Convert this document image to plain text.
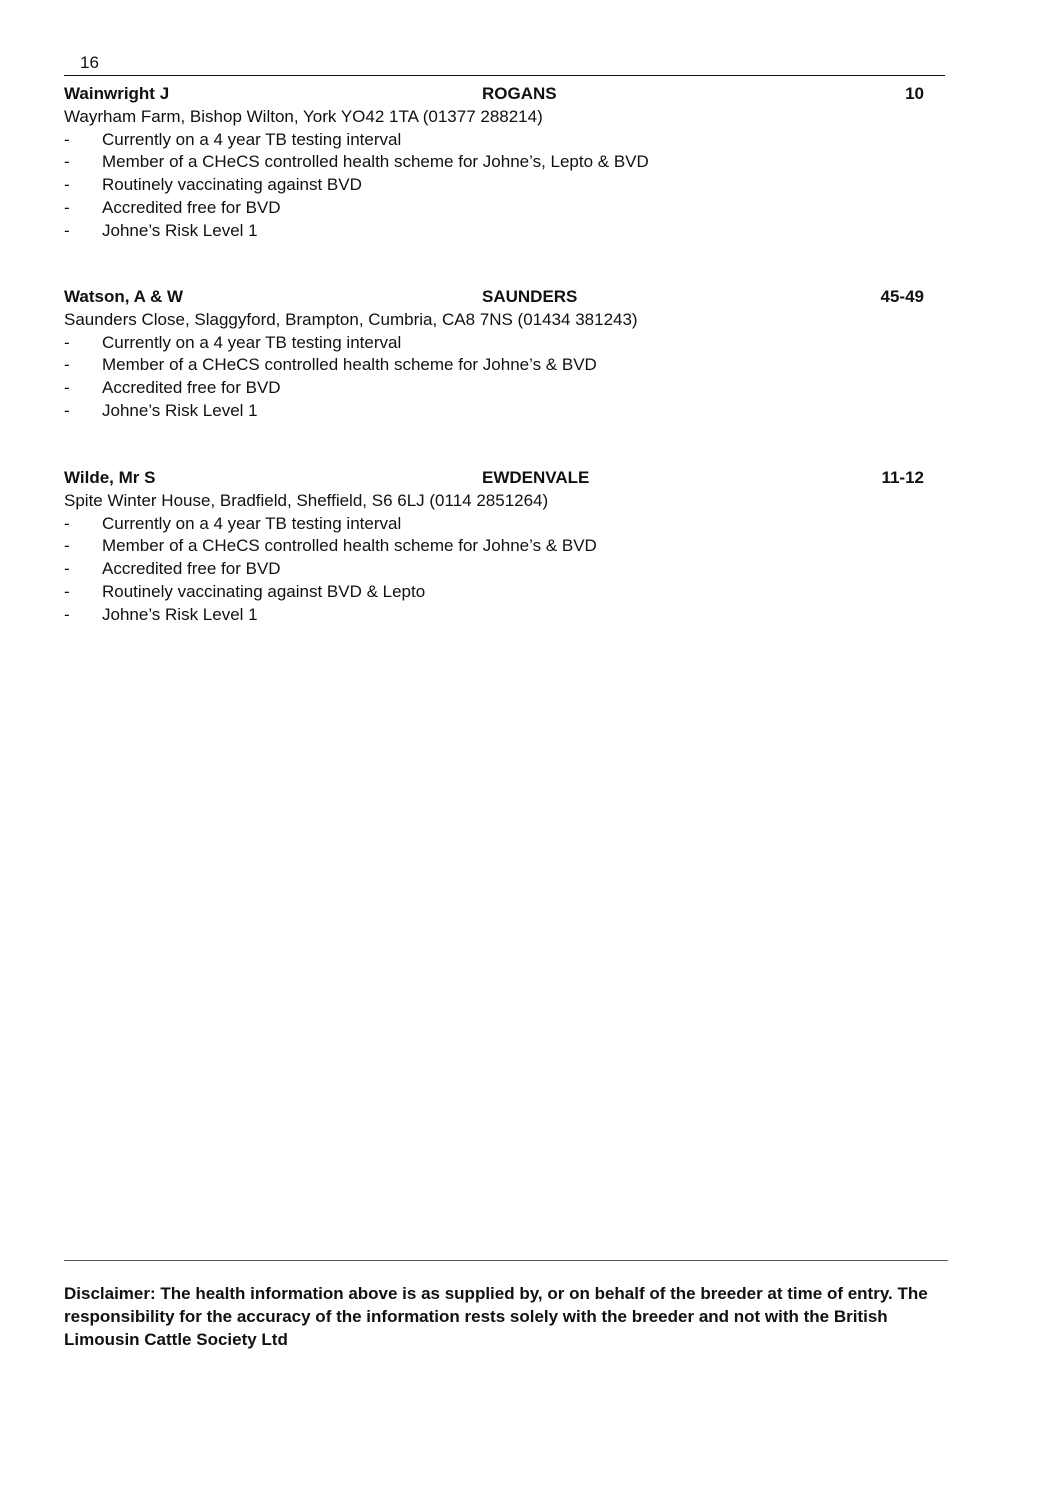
16
Wainwright J	ROGANS	10
Wayrham Farm, Bishop Wilton, York YO42 1TA (01377 288214)
- Currently on a 4 year TB testing interval
- Member of a CHeCS controlled health scheme for Johne’s, Lepto & BVD
- Routinely vaccinating against BVD
- Accredited free for BVD
- Johne’s Risk Level 1
Watson, A & W	SAUNDERS	45-49
Saunders Close, Slaggyford, Brampton, Cumbria, CA8 7NS (01434 381243)
- Currently on a 4 year TB testing interval
- Member of a CHeCS controlled health scheme for Johne’s & BVD
- Accredited free for BVD
- Johne’s Risk Level 1
Wilde, Mr S	EWDENVALE	11-12
Spite Winter House, Bradfield, Sheffield, S6 6LJ (0114 2851264)
- Currently on a 4 year TB testing interval
- Member of a CHeCS controlled health scheme for Johne’s & BVD
- Accredited free for BVD
- Routinely vaccinating against BVD & Lepto
- Johne’s Risk Level 1
Disclaimer: The health information above is as supplied by, or on behalf of the breeder at time of entry. The responsibility for the accuracy of the information rests solely with the breeder and not with the British Limousin Cattle Society Ltd
